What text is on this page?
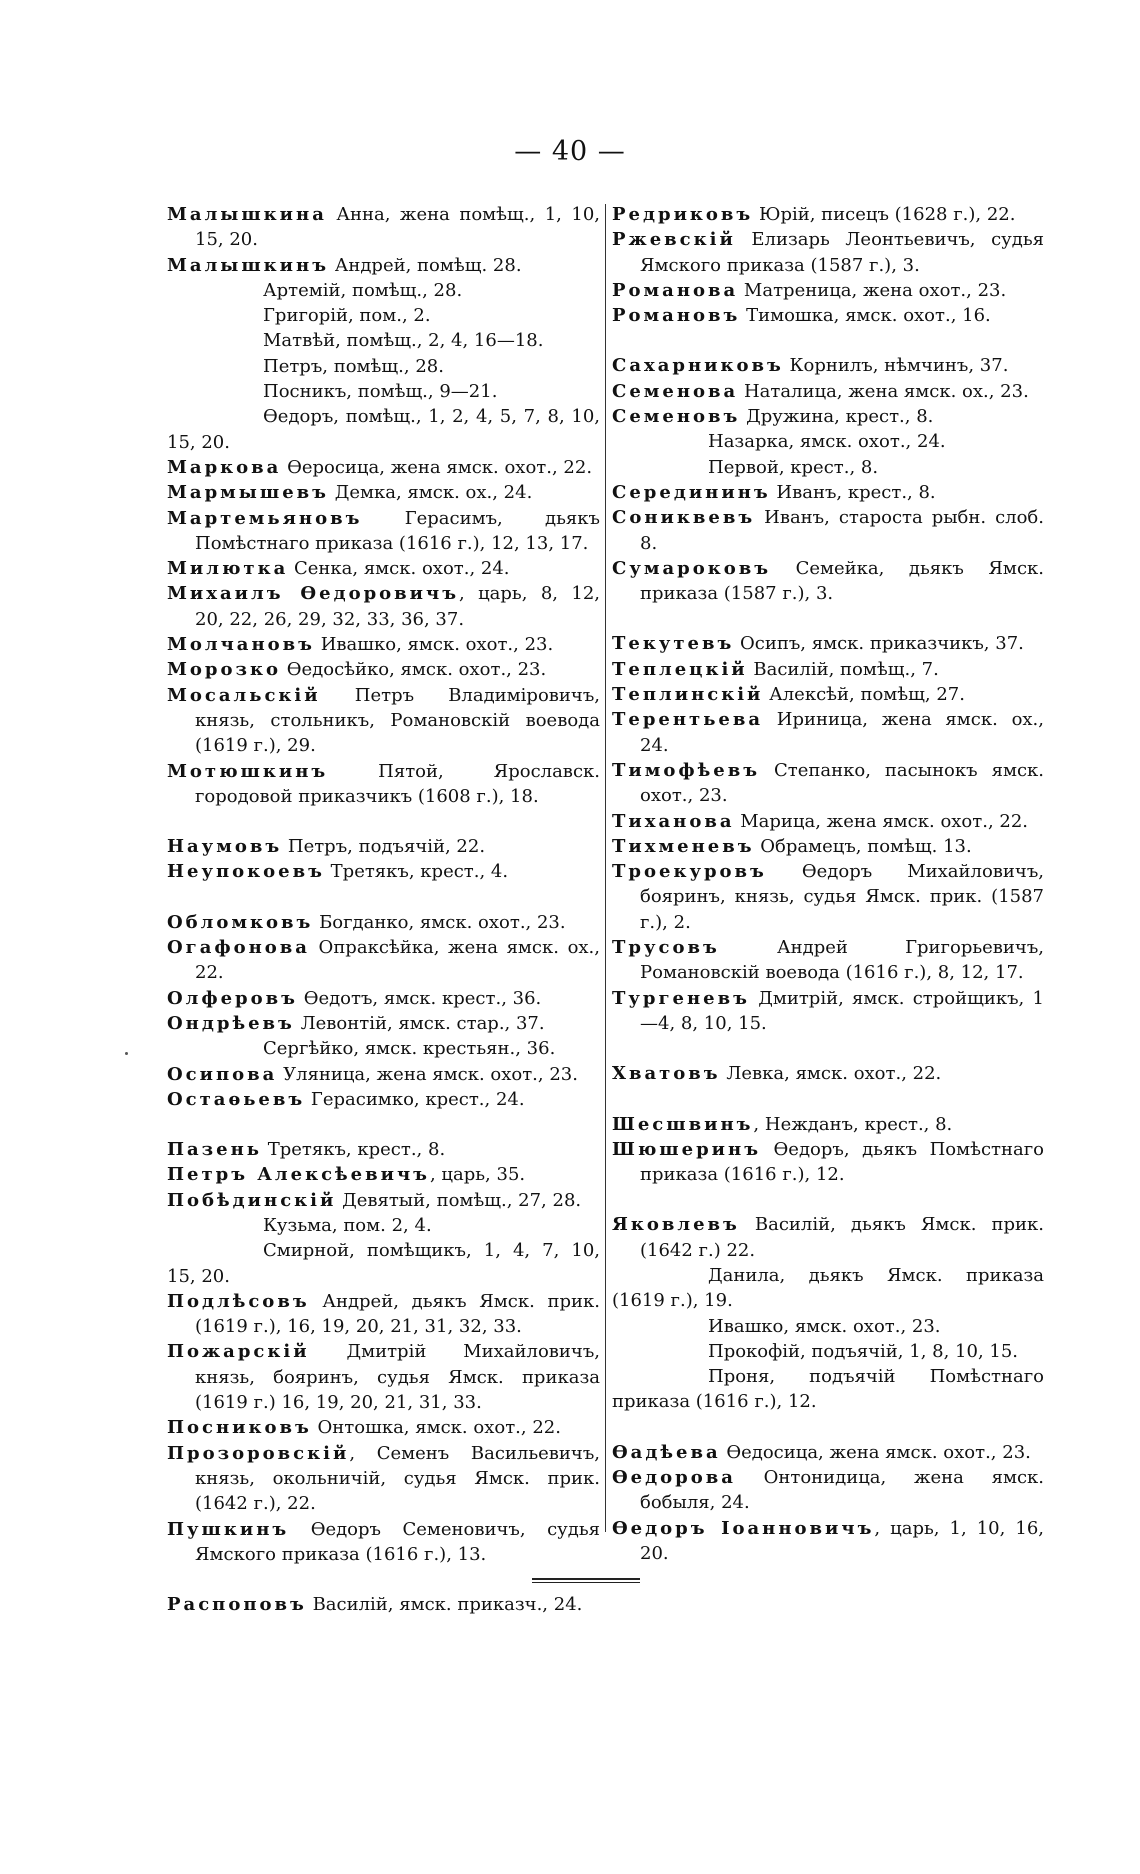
— 40 —
Малышкина Анна, жена помѣщ., 1, 10, 15, 20.
Малышкинъ Андрей, помѣщ. 28.
Артемій, помѣщ., 28.
Григорій, пом., 2.
Матвѣй, помѣщ., 2, 4, 16—18.
Петръ, помѣщ., 28.
Посникъ, помѣщ., 9—21.
Ѳедоръ, помѣщ., 1, 2, 4, 5, 7, 8, 10, 15, 20.
Маркова Ѳеросица, жена ямск. охот., 22.
Мармышевъ Демка, ямск. ох., 24.
Мартемьяновъ Герасимъ, дьякъ Помѣстнаго приказа (1616 г.), 12, 13, 17.
Милютка Сенка, ямск. охот., 24.
Михаилъ Ѳедоровичъ, царь, 8, 12, 20, 22, 26, 29, 32, 33, 36, 37.
Молчановъ Ивашко, ямск. охот., 23.
Морозко Ѳедосѣйко, ямск. охот., 23.
Мосальскій Петръ Владиміровичъ, князь, стольникъ, Романовскій воевода (1619 г.), 29.
Мотюшкинъ Пятой, Ярославск. городовой приказчикъ (1608 г.), 18.
Наумовъ Петръ, подъячій, 22.
Неупокоевъ Третякъ, крест., 4.
Обломковъ Богданко, ямск. охот., 23.
Огафонова Опраксѣйка, жена ямск. ох., 22.
Олферовъ Ѳедотъ, ямск. крест., 36.
Ондрѣевъ Левонтій, ямск. стар., 37.
Сергѣйко, ямск. крестьян., 36.
Осипова Уляница, жена ямск. охот., 23.
Остаѳьевъ Герасимко, крест., 24.
Пазень Третякъ, крест., 8.
Петръ Алексѣевичъ, царь, 35.
Побѣдинскій Девятый, помѣщ., 27, 28.
Кузьма, пом. 2, 4.
Смирной, помѣщикъ, 1, 4, 7, 10, 15, 20.
Подлѣсовъ Андрей, дьякъ Ямск. прик. (1619 г.), 16, 19, 20, 21, 31, 32, 33.
Пожарскій Дмитрій Михайловичъ, князь, бояринъ, судья Ямск. приказа (1619 г.) 16, 19, 20, 21, 31, 33.
Посниковъ Онтошка, ямск. охот., 22.
Прозоровскій, Семенъ Васильевичъ, князь, окольничій, судья Ямск. прик. (1642 г.), 22.
Пушкинъ Ѳедоръ Семеновичъ, судья Ямского приказа (1616 г.), 13.
Распоповъ Василій, ямск. приказч., 24.
Редриковъ Юрій, писецъ (1628 г.), 22.
Ржевскій Елизарь Леонтьевичъ, судья Ямского приказа (1587 г.), 3.
Романова Матреница, жена охот., 23.
Романовъ Тимошка, ямск. охот., 16.
Сахарниковъ Корнилъ, нѣмчинъ, 37.
Семенова Наталица, жена ямск. ох., 23.
Семеновъ Дружина, крест., 8.
Назарка, ямск. охот., 24.
Первой, крест., 8.
Середининъ Иванъ, крест., 8.
Сониквевъ Иванъ, староста рыбн. слоб. 8.
Сумароковъ Семейка, дьякъ Ямск. приказа (1587 г.), 3.
Текутевъ Осипъ, ямск. приказчикъ, 37.
Теплецкій Василій, помѣщ., 7.
Теплинскій Алексѣй, помѣщ, 27.
Терентьева Ириница, жена ямск. ох., 24.
Тимофѣевъ Степанко, пасынокъ ямск. охот., 23.
Тиханова Марица, жена ямск. охот., 22.
Тихменевъ Обрамецъ, помѣщ. 13.
Троекуровъ Ѳедоръ Михайловичъ, бояринъ, князь, судья Ямск. прик. (1587 г.), 2.
Трусовъ Андрей Григорьевичъ, Романовскій воевода (1616 г.), 8, 12, 17.
Тургеневъ Дмитрій, ямск. стройщикъ, 1—4, 8, 10, 15.
Хватовъ Левка, ямск. охот., 22.
Шесшвинъ, Нежданъ, крест., 8.
Шюшеринъ Ѳедоръ, дьякъ Помѣстнаго приказа (1616 г.), 12.
Яковлевъ Василій, дьякъ Ямск. прик. (1642 г.) 22.
Данила, дьякъ Ямск. приказа (1619 г.), 19.
Ивашко, ямск. охот., 23.
Прокофій, подъячій, 1, 8, 10, 15.
Проня, подъячій Помѣстнаго приказа (1616 г.), 12.
Ѳадѣева Ѳедосица, жена ямск. охот., 23.
Ѳедорова Онтонидица, жена ямск. бобыля, 24.
Ѳедоръ Іоанновичъ, царь, 1, 10, 16, 20.
